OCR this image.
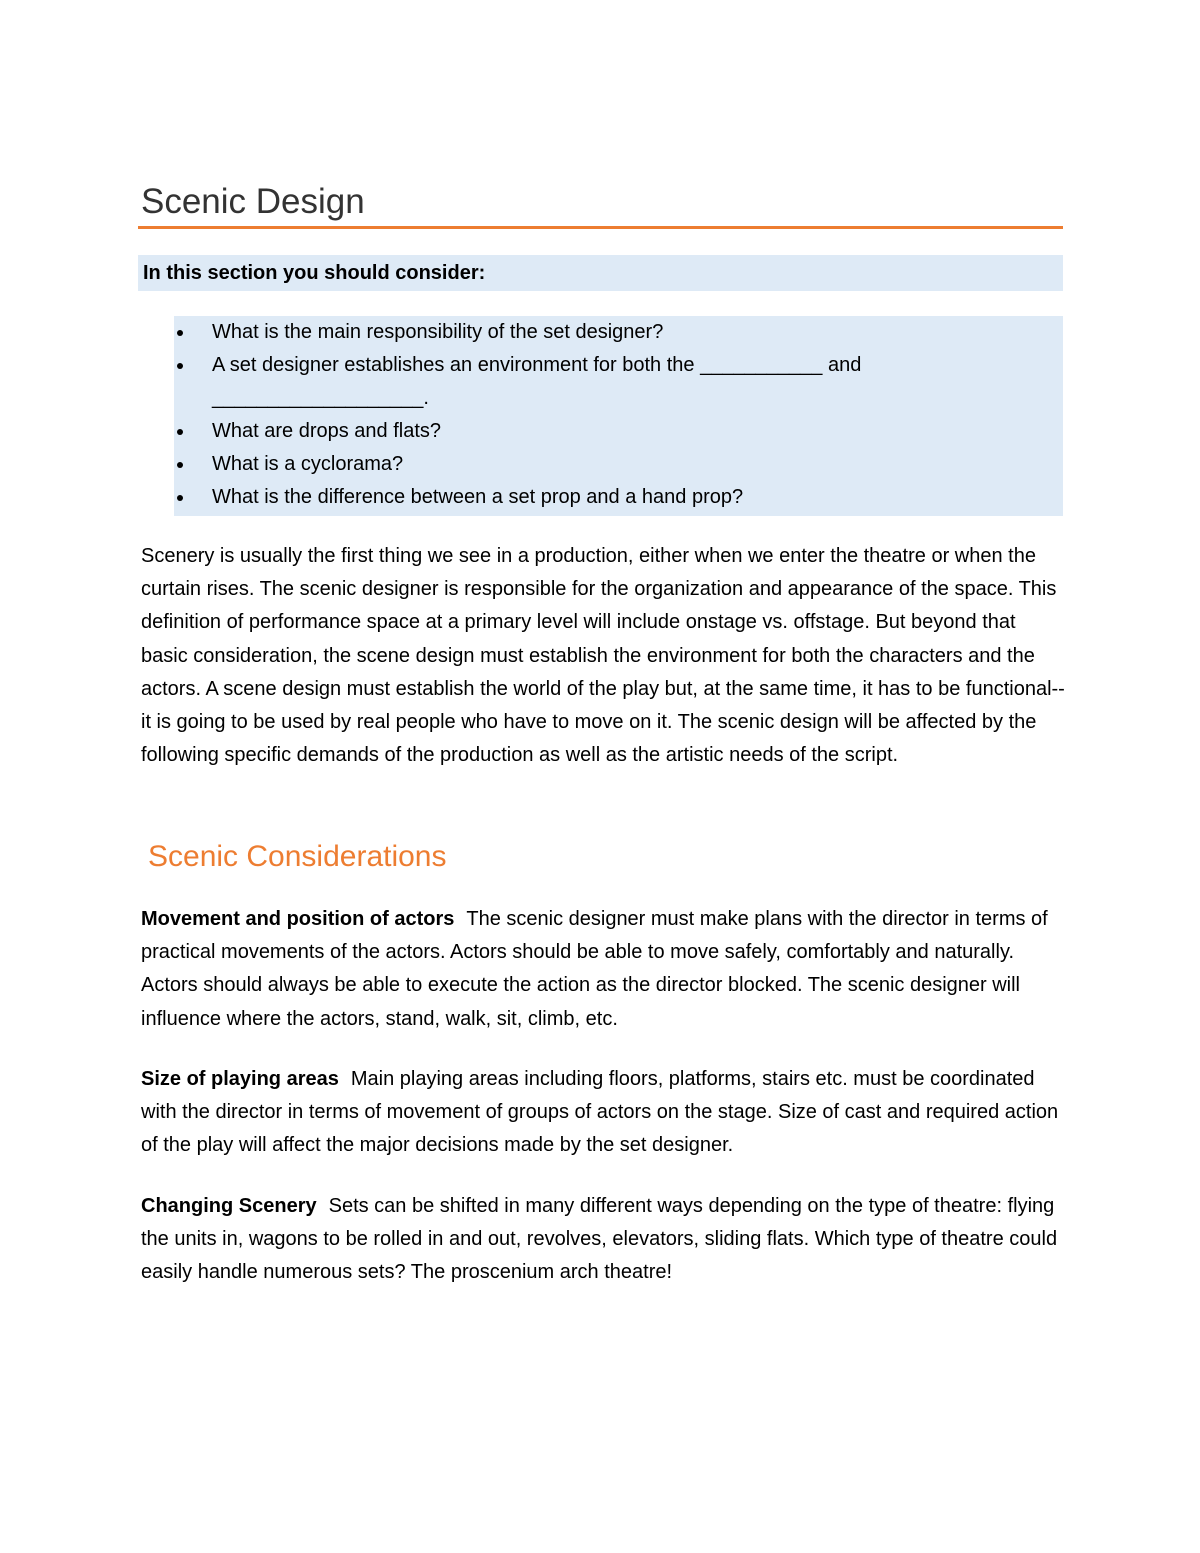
Scenic Design

In this section you should consider:

What is the main responsibility of the set designer?
A set designer establishes an environment for both the ___________ and ___________________.
What are drops and flats?
What is a cyclorama?
What is the difference between a set prop and a hand prop?

Scenery is usually the first thing we see in a production, either when we enter the theatre or when the curtain rises. The scenic designer is responsible for the organization and appearance of the space. This definition of performance space at a primary level will include onstage vs. offstage. But beyond that basic consideration, the scene design must establish the environment for both the characters and the actors. A scene design must establish the world of the play but, at the same time, it has to be functional--it is going to be used by real people who have to move on it. The scenic design will be affected by the following specific demands of the production as well as the artistic needs of the script.

Scenic Considerations

Movement and position of actors The scenic designer must make plans with the director in terms of practical movements of the actors. Actors should be able to move safely, comfortably and naturally. Actors should always be able to execute the action as the director blocked. The scenic designer will influence where the actors, stand, walk, sit, climb, etc.

Size of playing areas Main playing areas including floors, platforms, stairs etc. must be coordinated with the director in terms of movement of groups of actors on the stage. Size of cast and required action of the play will affect the major decisions made by the set designer.

Changing Scenery Sets can be shifted in many different ways depending on the type of theatre: flying the units in, wagons to be rolled in and out, revolves, elevators, sliding flats. Which type of theatre could easily handle numerous sets? The proscenium arch theatre!
